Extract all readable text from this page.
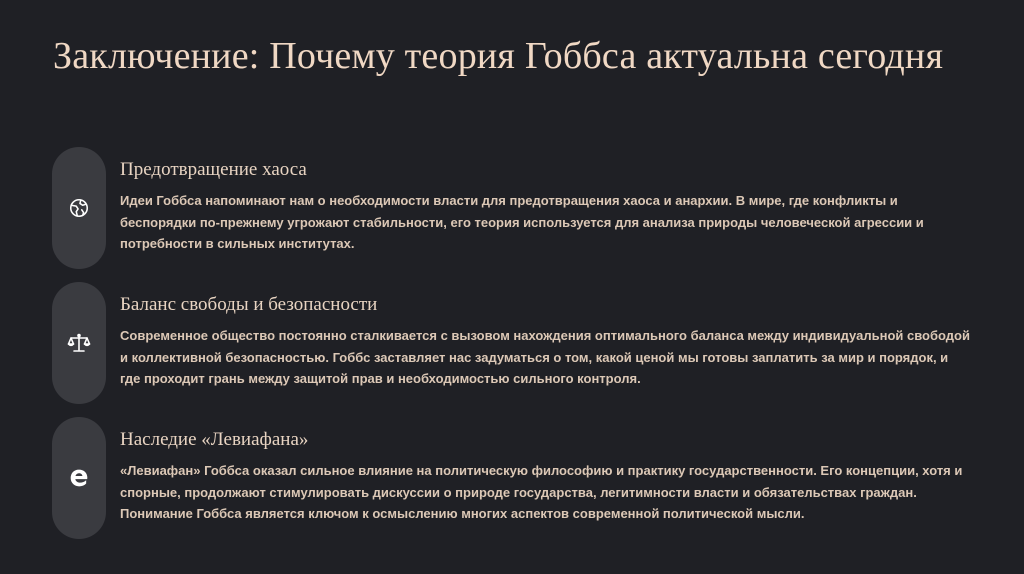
Заключение: Почему теория Гоббса актуальна сегодня
Предотвращение хаоса

Идеи Гоббса напоминают нам о необходимости власти для предотвращения хаоса и анархии. В мире, где конфликты и беспорядки по-прежнему угрожают стабильности, его теория используется для анализа природы человеческой агрессии и потребности в сильных институтах.

Баланс свободы и безопасности

Современное общество постоянно сталкивается с вызовом нахождения оптимального баланса между индивидуальной свободой и коллективной безопасностью. Гоббс заставляет нас задуматься о том, какой ценой мы готовы заплатить за мир и порядок, и где проходит грань между защитой прав и необходимостью сильного контроля.

Наследие «Левиафана»

«Левиафан» Гоббса оказал сильное влияние на политическую философию и практику государственности. Его концепции, хотя и спорные, продолжают стимулировать дискуссии о природе государства, легитимности власти и обязательствах граждан. Понимание Гоббса является ключом к осмыслению многих аспектов современной политической мысли.
